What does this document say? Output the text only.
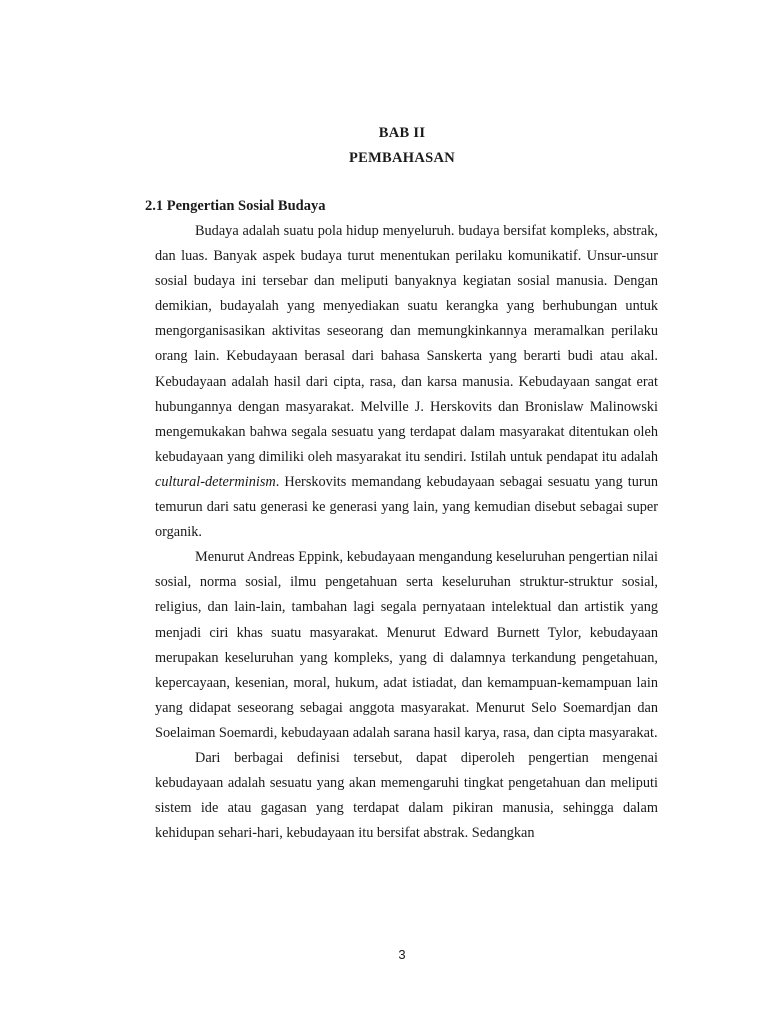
BAB II
PEMBAHASAN
2.1 Pengertian Sosial Budaya

Budaya adalah suatu pola hidup menyeluruh. budaya bersifat kompleks, abstrak, dan luas. Banyak aspek budaya turut menentukan perilaku komunikatif. Unsur-unsur sosial budaya ini tersebar dan meliputi banyaknya kegiatan sosial manusia. Dengan demikian, budayalah yang menyediakan suatu kerangka yang berhubungan untuk mengorganisasikan aktivitas seseorang dan memungkinkannya meramalkan perilaku orang lain. Kebudayaan berasal dari bahasa Sanskerta yang berarti budi atau akal. Kebudayaan adalah hasil dari cipta, rasa, dan karsa manusia. Kebudayaan sangat erat hubungannya dengan masyarakat. Melville J. Herskovits dan Bronislaw Malinowski mengemukakan bahwa segala sesuatu yang terdapat dalam masyarakat ditentukan oleh kebudayaan yang dimiliki oleh masyarakat itu sendiri. Istilah untuk pendapat itu adalah cultural-determinism. Herskovits memandang kebudayaan sebagai sesuatu yang turun temurun dari satu generasi ke generasi yang lain, yang kemudian disebut sebagai super organik.

Menurut Andreas Eppink, kebudayaan mengandung keseluruhan pengertian nilai sosial, norma sosial, ilmu pengetahuan serta keseluruhan struktur-struktur sosial, religius, dan lain-lain, tambahan lagi segala pernyataan intelektual dan artistik yang menjadi ciri khas suatu masyarakat. Menurut Edward Burnett Tylor, kebudayaan merupakan keseluruhan yang kompleks, yang di dalamnya terkandung pengetahuan, kepercayaan, kesenian, moral, hukum, adat istiadat, dan kemampuan-kemampuan lain yang didapat seseorang sebagai anggota masyarakat. Menurut Selo Soemardjan dan Soelaiman Soemardi, kebudayaan adalah sarana hasil karya, rasa, dan cipta masyarakat.

Dari berbagai definisi tersebut, dapat diperoleh pengertian mengenai kebudayaan adalah sesuatu yang akan memengaruhi tingkat pengetahuan dan meliputi sistem ide atau gagasan yang terdapat dalam pikiran manusia, sehingga dalam kehidupan sehari-hari, kebudayaan itu bersifat abstrak. Sedangkan

3
